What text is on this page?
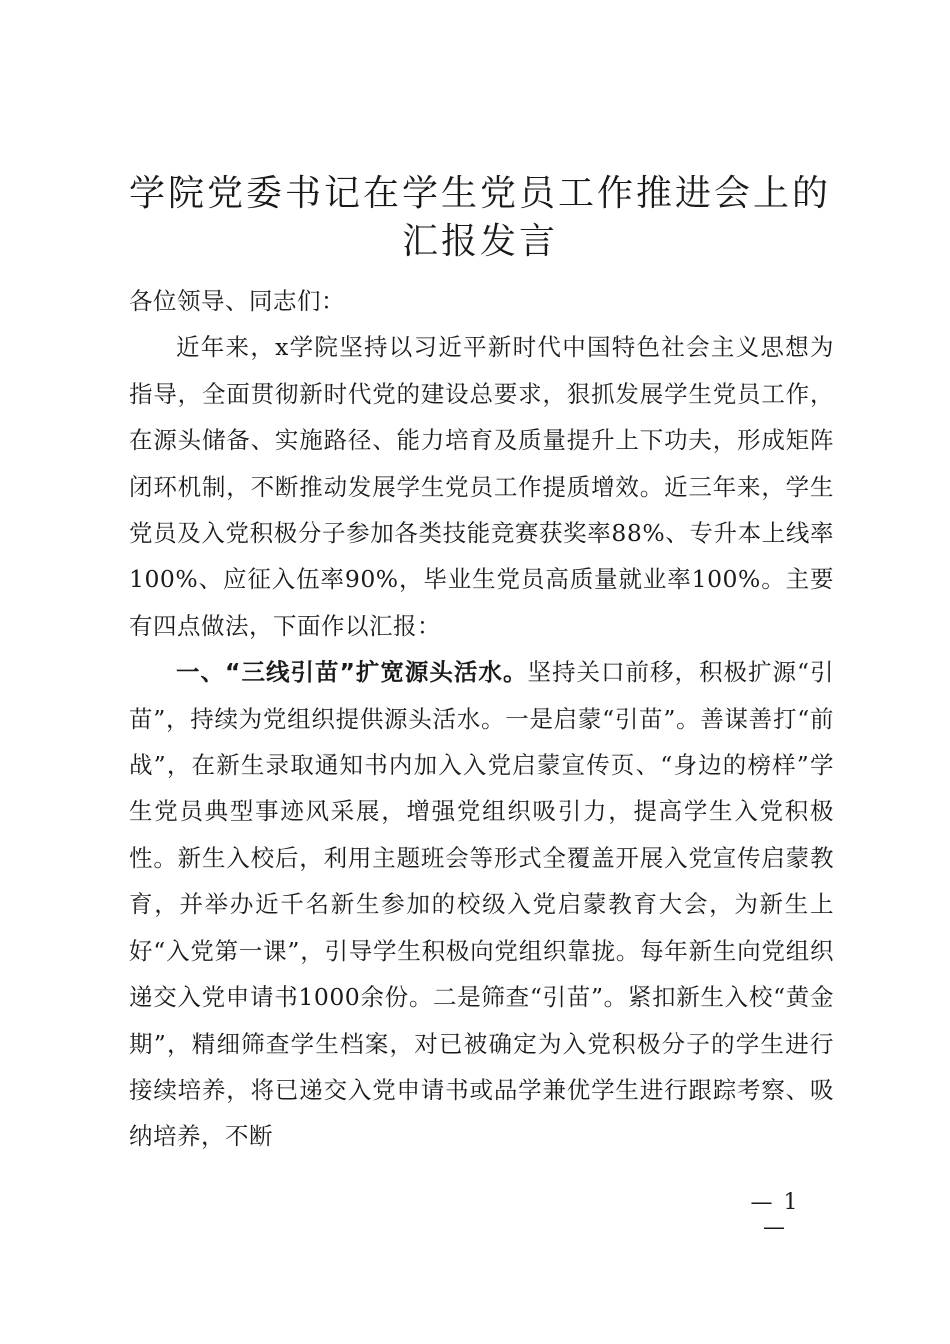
学院党委书记在学生党员工作推进会上的汇报发言

各位领导、同志们：

近年来，x学院坚持以习近平新时代中国特色社会主义思想为指导，全面贯彻新时代党的建设总要求，狠抓发展学生党员工作，在源头储备、实施路径、能力培育及质量提升上下功夫，形成矩阵闭环机制，不断推动发展学生党员工作提质增效。近三年来，学生党员及入党积极分子参加各类技能竞赛获奖率88%、专升本上线率100%、应征入伍率90%，毕业生党员高质量就业率100%。主要有四点做法，下面作以汇报：

一、“三线引苗”扩宽源头活水。坚持关口前移，积极扩源“引苗”，持续为党组织提供源头活水。一是启蒙“引苗”。善谋善打“前战”，在新生录取通知书内加入入党启蒙宣传页、“身边的榜样”学生党员典型事迹风采展，增强党组织吸引力，提高学生入党积极性。新生入校后，利用主题班会等形式全覆盖开展入党宣传启蒙教育，并举办近千名新生参加的校级入党启蒙教育大会，为新生上好“入党第一课”，引导学生积极向党组织靠拢。每年新生向党组织递交入党申请书1000余份。二是筛查“引苗”。紧扣新生入校“黄金期”，精细筛查学生档案，对已被确定为入党积极分子的学生进行接续培养，将已递交入党申请书或品学兼优学生进行跟踪考察、吸纳培养，不断

— 1 —
